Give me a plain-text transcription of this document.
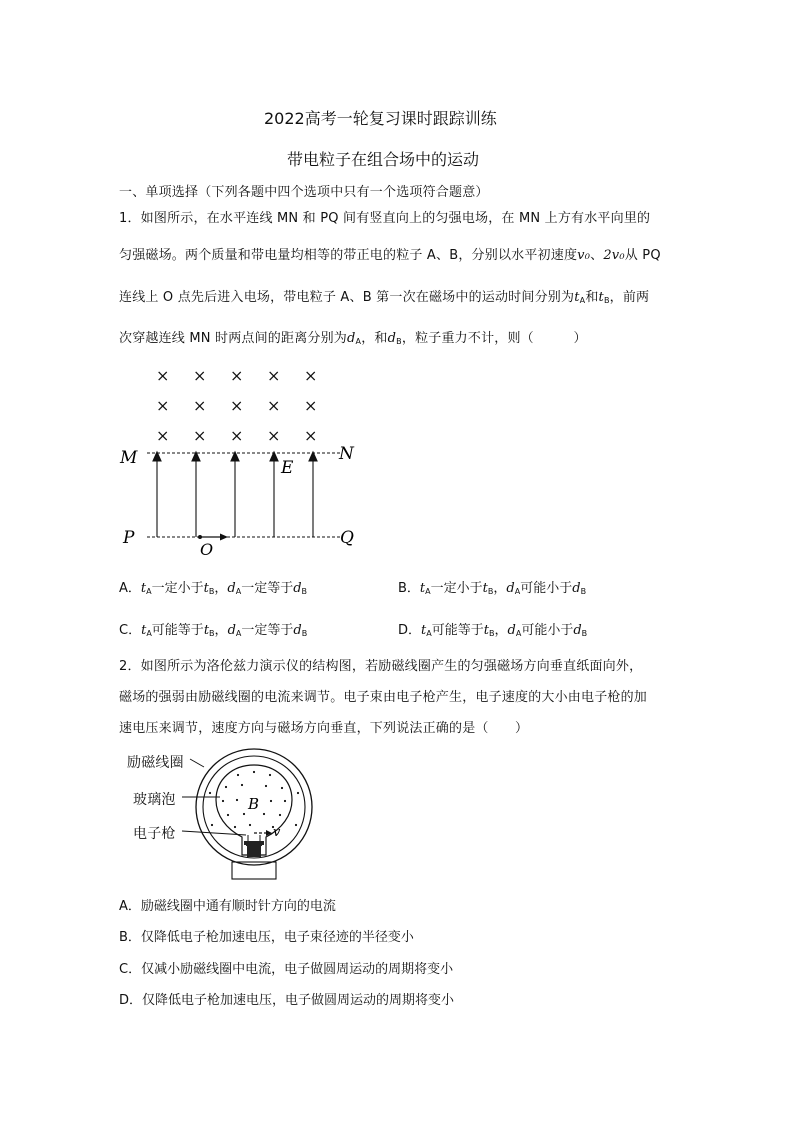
2022高考一轮复习课时跟踪训练
带电粒子在组合场中的运动
一、单项选择（下列各题中四个选项中只有一个选项符合题意）
1．如图所示，在水平连线 MN 和 PQ 间有竖直向上的匀强电场，在 MN 上方有水平向里的
匀强磁场。两个质量和带电量均相等的带正电的粒子 A、B，分别以水平初速度v₀、2v₀从 PQ
连线上 O 点先后进入电场，带电粒子 A、B 第一次在磁场中的运动时间分别为$t_A$和$t_B$，前两
次穿越连线 MN 时两点间的距离分别为$d_A$，和$d_B$，粒子重力不计，则（　　　）
× × × × ×
× × × × ×
× × × × ×
M	N
P	Q
O
E
A．$t_A$一定小于$t_B$，$d_A$一定等于$d_B$	B．$t_A$一定小于$t_B$，$d_A$可能小于$d_B$
C．$t_A$可能等于$t_B$，$d_A$一定等于$d_B$	D．$t_A$可能等于$t_B$，$d_A$可能小于$d_B$
2．如图所示为洛伦兹力演示仪的结构图，若励磁线圈产生的匀强磁场方向垂直纸面向外，
磁场的强弱由励磁线圈的电流来调节。电子束由电子枪产生，电子速度的大小由电子枪的加
速电压来调节，速度方向与磁场方向垂直，下列说法正确的是（　　）
v
B
励磁线圈
玻璃泡
电子枪
A．励磁线圈中通有顺时针方向的电流
B．仅降低电子枪加速电压，电子束径迹的半径变小
C．仅减小励磁线圈中电流，电子做圆周运动的周期将变小
D．仅降低电子枪加速电压，电子做圆周运动的周期将变小
